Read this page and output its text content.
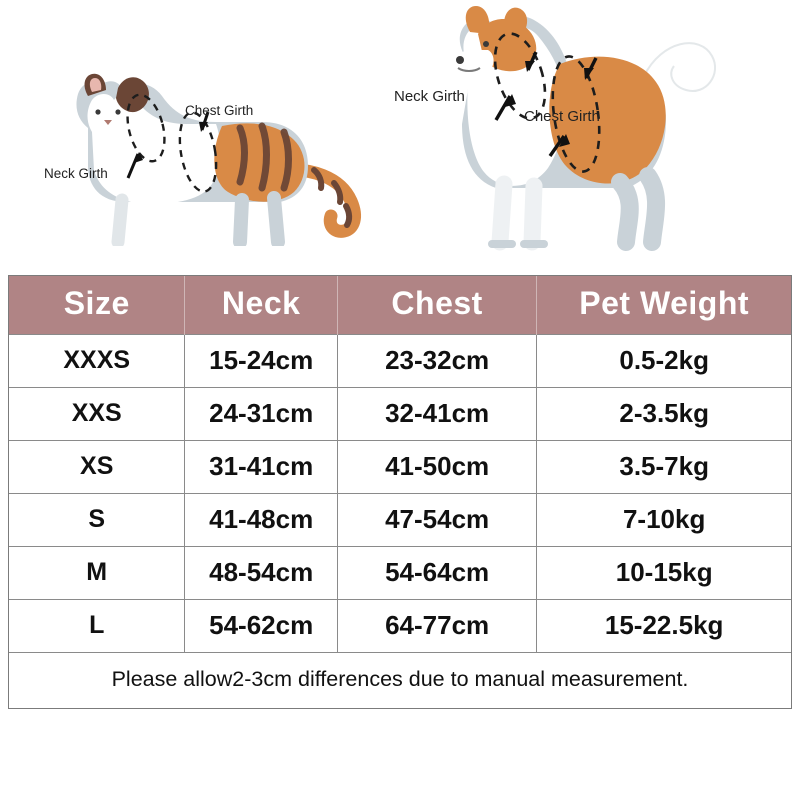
Neck Girth
Chest Girth
Neck Girth
Chest Girth
Size	Neck	Chest	Pet Weight
XXXS	15-24cm	23-32cm	0.5-2kg
XXS	24-31cm	32-41cm	2-3.5kg
XS	31-41cm	41-50cm	3.5-7kg
S	41-48cm	47-54cm	7-10kg
M	48-54cm	54-64cm	10-15kg
L	54-62cm	64-77cm	15-22.5kg
Please allow2-3cm differences due to manual measurement.			
